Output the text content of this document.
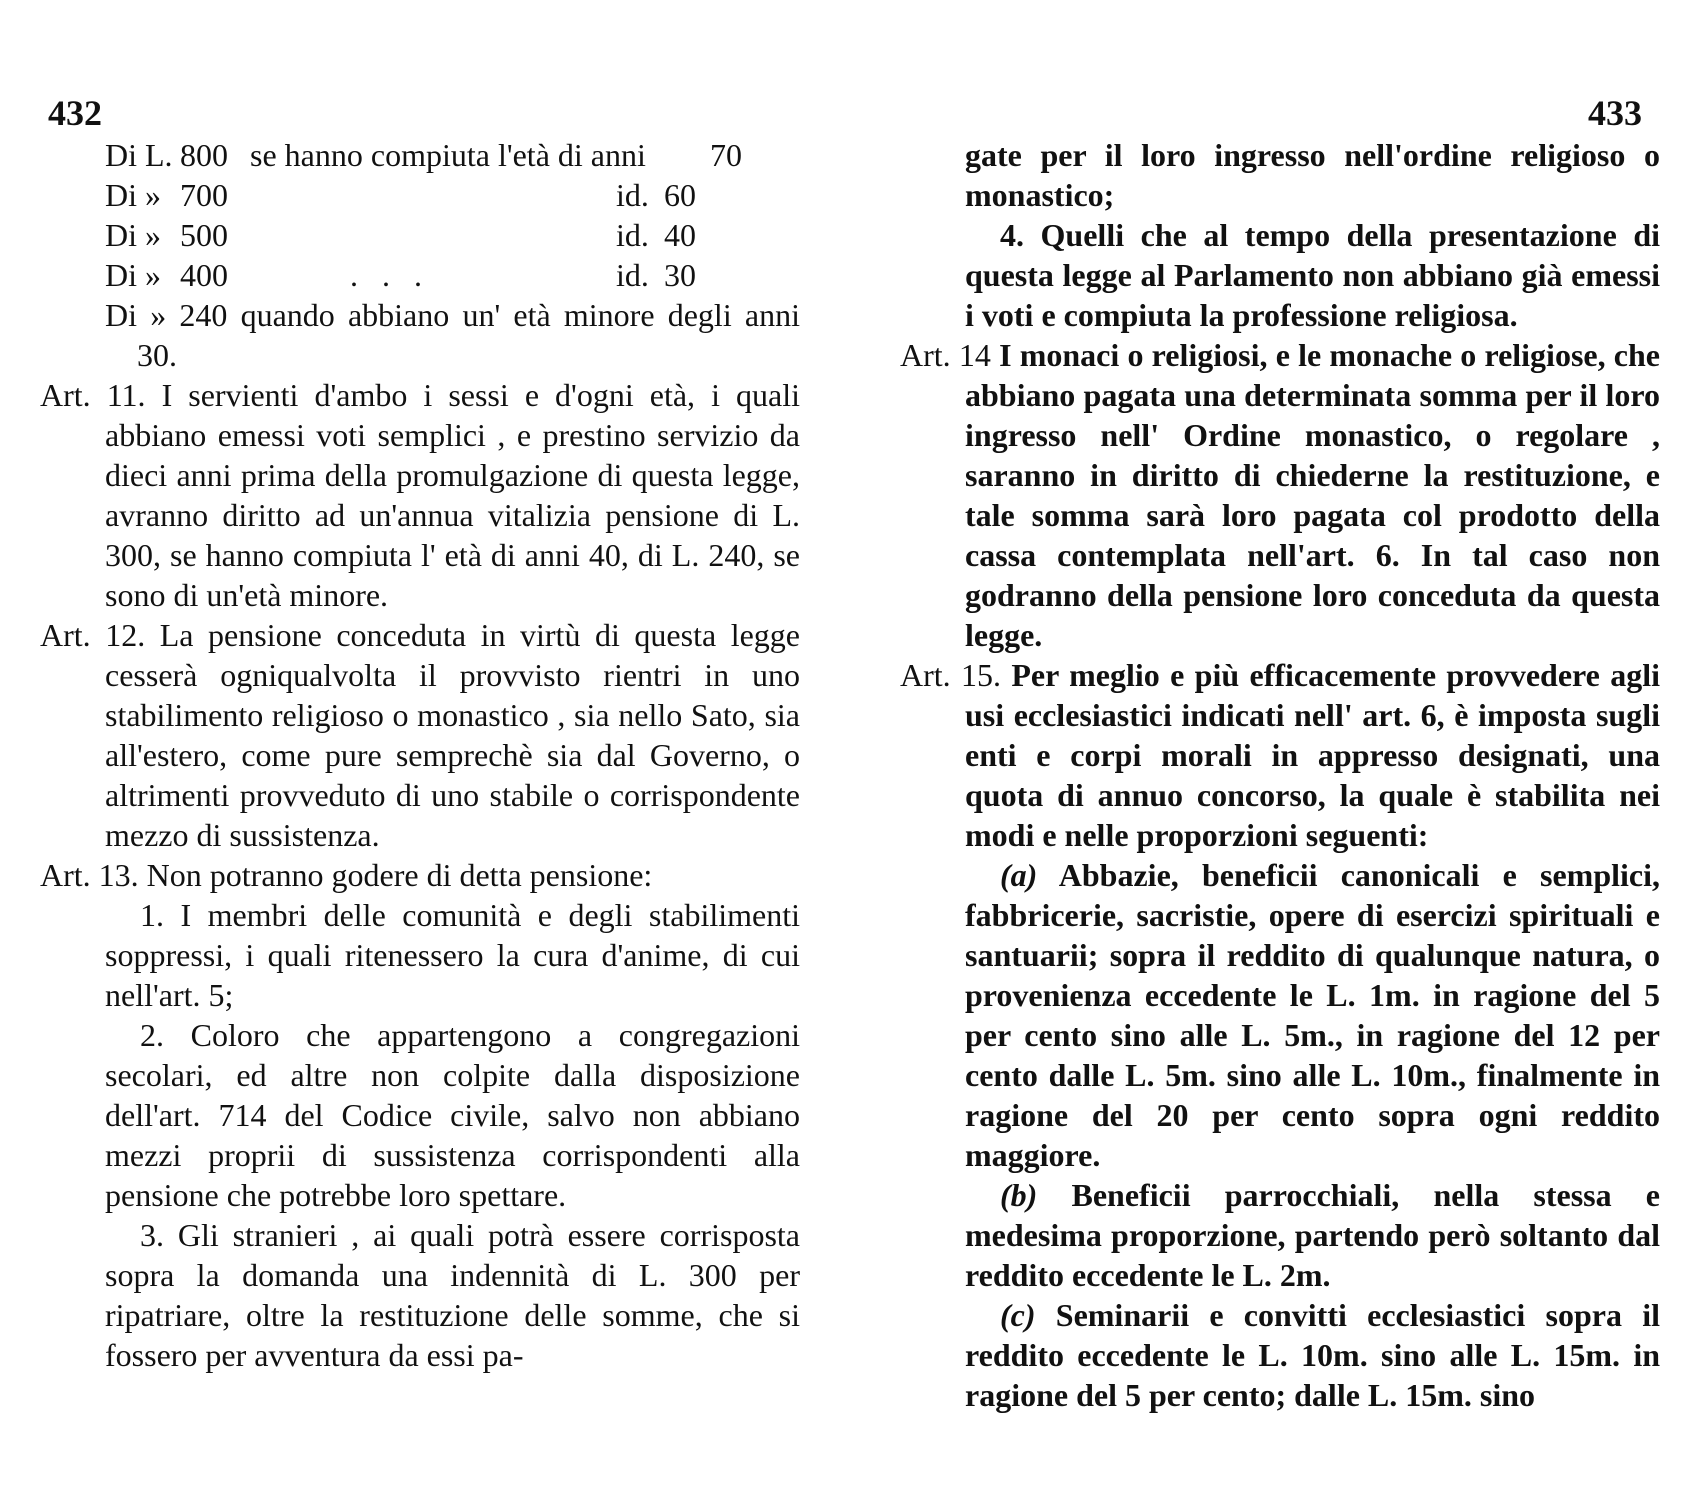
432
Di L. 800 se hanno compiuta l'età di anni	70
Di » 700	id. 60
Di » 500	id. 40
Di » 400	. . .	id. 30
Di » 240 quando abbiano un' età minore degli anni 30.
Art. 11. I servienti d'ambo i sessi e d'ogni età, i quali abbiano emessi voti semplici , e prestino servizio da dieci anni prima della promulgazione di questa legge, avranno diritto ad un'annua vitalizia pensione di L. 300, se hanno compiuta l' età di anni 40, di L. 240, se sono di un'età minore.
Art. 12. La pensione conceduta in virtù di questa legge cesserà ogniqualvolta il provvisto rientri in uno stabilimento religioso o monastico , sia nello Sato, sia all'estero, come pure semprechè sia dal Governo, o altrimenti provveduto di uno stabile o corrispondente mezzo di sussistenza.
Art. 13. Non potranno godere di detta pensione:
1. I membri delle comunità e degli stabilimenti soppressi, i quali ritenessero la cura d'anime, di cui nell'art. 5;
2. Coloro che appartengono a congregazioni secolari, ed altre non colpite dalla disposizione dell'art. 714 del Codice civile, salvo non abbiano mezzi proprii di sussistenza corrispondenti alla pensione che potrebbe loro spettare.
3. Gli stranieri , ai quali potrà essere corrisposta sopra la domanda una indennità di L. 300 per ripatriare, oltre la restituzione delle somme, che si fossero per avventura da essi pa-
433
gate per il loro ingresso nell'ordine religioso o monastico;
4. Quelli che al tempo della presentazione di questa legge al Parlamento non abbiano già emessi i voti e compiuta la professione religiosa.
Art. 14 I monaci o religiosi, e le monache o religiose, che abbiano pagata una determinata somma per il loro ingresso nell' Ordine monastico, o regolare , saranno in diritto di chiederne la restituzione, e tale somma sarà loro pagata col prodotto della cassa contemplata nell'art. 6. In tal caso non godranno della pensione loro conceduta da questa legge.
Art. 15. Per meglio e più efficacemente provvedere agli usi ecclesiastici indicati nell' art. 6, è imposta sugli enti e corpi morali in appresso designati, una quota di annuo concorso, la quale è stabilita nei modi e nelle proporzioni seguenti:
(a) Abbazie, beneficii canonicali e semplici, fabbricerie, sacristie, opere di esercizi spirituali e santuarii; sopra il reddito di qualunque natura, o provenienza eccedente le L. 1m. in ragione del 5 per cento sino alle L. 5m., in ragione del 12 per cento dalle L. 5m. sino alle L. 10m., finalmente in ragione del 20 per cento sopra ogni reddito maggiore.
(b) Beneficii parrocchiali, nella stessa e medesima proporzione, partendo però soltanto dal reddito eccedente le L. 2m.
(c) Seminarii e convitti ecclesiastici sopra il reddito eccedente le L. 10m. sino alle L. 15m. in ragione del 5 per cento; dalle L. 15m. sino
